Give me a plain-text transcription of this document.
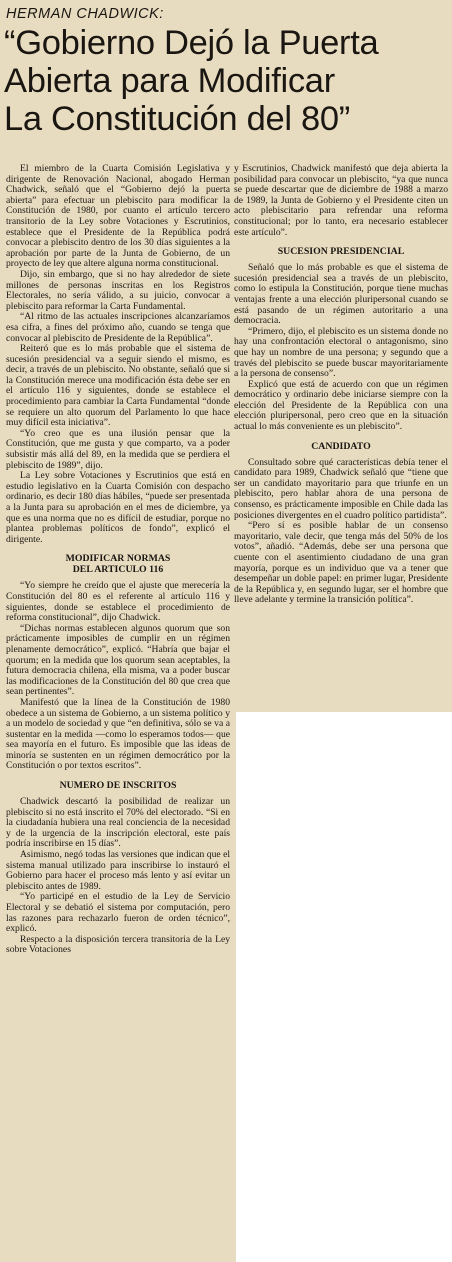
HERMAN CHADWICK:
“Gobierno Dejó la Puerta
Abierta para Modificar
La Constitución del 80”

El miembro de la Cuarta Comisión Legislativa y dirigente de Renovación Nacional, abogado Herman Chadwick, señaló que el “Gobierno dejó la puerta abierta” para efectuar un plebiscito para modificar la Constitución de 1980, por cuanto el artículo tercero transitorio de la Ley sobre Votaciones y Escrutinios, establece que el Presidente de la República podrá convocar a plebiscito dentro de los 30 días siguientes a la aprobación por parte de la Junta de Gobierno, de un proyecto de ley que altere alguna norma constitucional.

Dijo, sin embargo, que si no hay alrededor de siete millones de personas inscritas en los Registros Electorales, no sería válido, a su juicio, convocar a plebiscito para reformar la Carta Fundamental.

“Al ritmo de las actuales inscripciones alcanzaríamos esa cifra, a fines del próximo año, cuando se tenga que convocar al plebiscito de Presidente de la República”.

Reiteró que es lo más probable que el sistema de sucesión presidencial va a seguir siendo el mismo, es decir, a través de un plebiscito. No obstante, señaló que si la Constitución merece una modificación ésta debe ser en el artículo 116 y siguientes, donde se establece el procedimiento para cambiar la Carta Fundamental “donde se requiere un alto quorum del Parlamento lo que hace muy difícil esta iniciativa”.

“Yo creo que es una ilusión pensar que la Constitución, que me gusta y que comparto, va a poder subsistir más allá del 89, en la medida que se perdiera el plebiscito de 1989”, dijo.

La Ley sobre Votaciones y Escrutinios que está en estudio legislativo en la Cuarta Comisión con despacho ordinario, es decir 180 días hábiles, “puede ser presentada a la Junta para su aprobación en el mes de diciembre, ya que es una norma que no es difícil de estudiar, porque no plantea problemas políticos de fondo”, explicó el dirigente.

MODIFICAR NORMAS
DEL ARTICULO 116

“Yo siempre he creído que el ajuste que merecería la Constitución del 80 es el referente al artículo 116 y siguientes, donde se establece el procedimiento de reforma constitucional”, dijo Chadwick.

“Dichas normas establecen algunos quorum que son prácticamente imposibles de cumplir en un régimen plenamente democrático”, explicó. “Habría que bajar el quorum; en la medida que los quorum sean aceptables, la futura democracia chilena, ella misma, va a poder buscar las modificaciones de la Constitución del 80 que crea que sean pertinentes”.

Manifestó que la línea de la Constitución de 1980 obedece a un sistema de Gobierno, a un sistema político y a un modelo de sociedad y que “en definitiva, sólo se va a sustentar en la medida —como lo esperamos todos— que sea mayoría en el futuro. Es imposible que las ideas de minoría se sustenten en un régimen democrático por la Constitución o por textos escritos”.

NUMERO DE INSCRITOS

Chadwick descartó la posibilidad de realizar un plebiscito si no está inscrito el 70% del electorado. “Si en la ciudadanía hubiera una real conciencia de la necesidad y de la urgencia de la inscripción electoral, este país podría inscribirse en 15 días”.

Asimismo, negó todas las versiones que indican que el sistema manual utilizado para inscribirse lo instauró el Gobierno para hacer el proceso más lento y así evitar un plebiscito antes de 1989.

“Yo participé en el estudio de la Ley de Servicio Electoral y se debatió el sistema por computación, pero las razones para rechazarlo fueron de orden técnico”, explicó.

Respecto a la disposición tercera transitoria de la Ley sobre Votaciones

y Escrutinios, Chadwick manifestó que deja abierta la posibilidad para convocar un plebiscito, “ya que nunca se puede descartar que de diciembre de 1988 a marzo de 1989, la Junta de Gobierno y el Presidente citen un acto plebiscitario para refrendar una reforma constitucional; por lo tanto, era necesario establecer este artículo”.

SUCESION PRESIDENCIAL

Señaló que lo más probable es que el sistema de sucesión presidencial sea a través de un plebiscito, como lo estipula la Constitución, porque tiene muchas ventajas frente a una elección pluripersonal cuando se está pasando de un régimen autoritario a una democracia.

“Primero, dijo, el plebiscito es un sistema donde no hay una confrontación electoral o antagonismo, sino que hay un nombre de una persona; y segundo que a través del plebiscito se puede buscar mayoritariamente a la persona de consenso”.

Explicó que está de acuerdo con que un régimen democrático y ordinario debe iniciarse siempre con la elección del Presidente de la República con una elección pluripersonal, pero creo que en la situación actual lo más conveniente es un plebiscito”.

CANDIDATO

Consultado sobre qué características debía tener el candidato para 1989, Chadwick señaló que “tiene que ser un candidato mayoritario para que triunfe en un plebiscito, pero hablar ahora de una persona de consenso, es prácticamente imposible en Chile dada las posiciones divergentes en el cuadro político partidista”.

“Pero sí es posible hablar de un consenso mayoritario, vale decir, que tenga más del 50% de los votos”, añadió. “Además, debe ser una persona que cuente con el asentimiento ciudadano de una gran mayoría, porque es un individuo que va a tener que desempeñar un doble papel: en primer lugar, Presidente de la República y, en segundo lugar, ser el hombre que lleve adelante y termine la transición política”.
